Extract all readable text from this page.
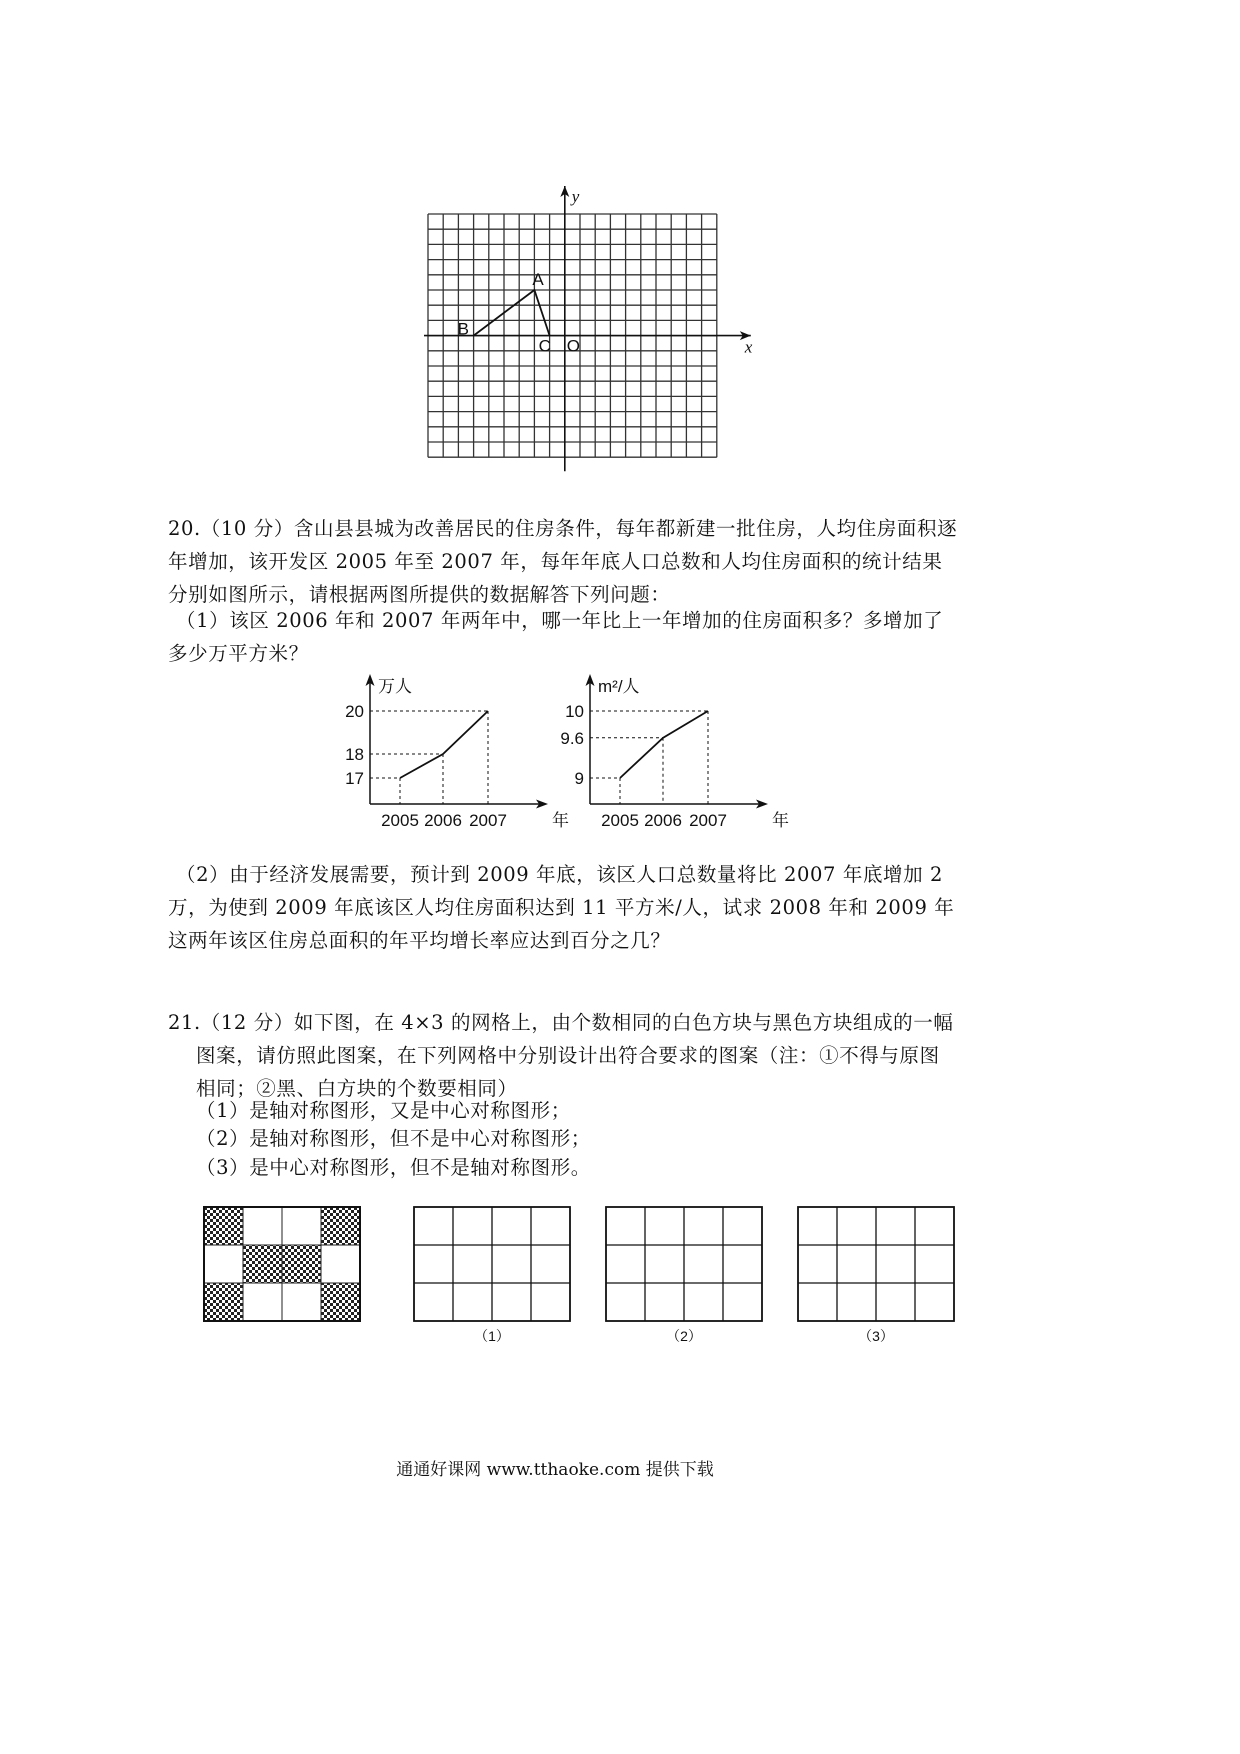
y
x
O
A
B
C
20.（10 分）含山县县城为改善居民的住房条件，每年都新建一批住房，人均住房面积逐年增加，该开发区 2005 年至 2007 年，每年年底人口总数和人均住房面积的统计结果分别如图所示，请根据两图所提供的数据解答下列问题：
（1）该区 2006 年和 2007 年两年中，哪一年比上一年增加的住房面积多？多增加了多少万平方米？
万人
年
17
2005
18
2006
20
2007
m²/人
年
9
2005
9.6
2006
10
2007
（2）由于经济发展需要，预计到 2009 年底，该区人口总数量将比 2007 年底增加 2 万，为使到 2009 年底该区人均住房面积达到 11 平方米/人，试求 2008 年和 2009 年这两年该区住房总面积的年平均增长率应达到百分之几？
21.（12 分）如下图，在 4×3 的网格上，由个数相同的白色方块与黑色方块组成的一幅图案，请仿照此图案，在下列网格中分别设计出符合要求的图案（注：①不得与原图相同；②黑、白方块的个数要相同）
（1）是轴对称图形，又是中心对称图形；
（2）是轴对称图形，但不是中心对称图形；
（3）是中心对称图形，但不是轴对称图形。
（1）	（2）	（3）
通通好课网 www.tthaoke.com 提供下载
